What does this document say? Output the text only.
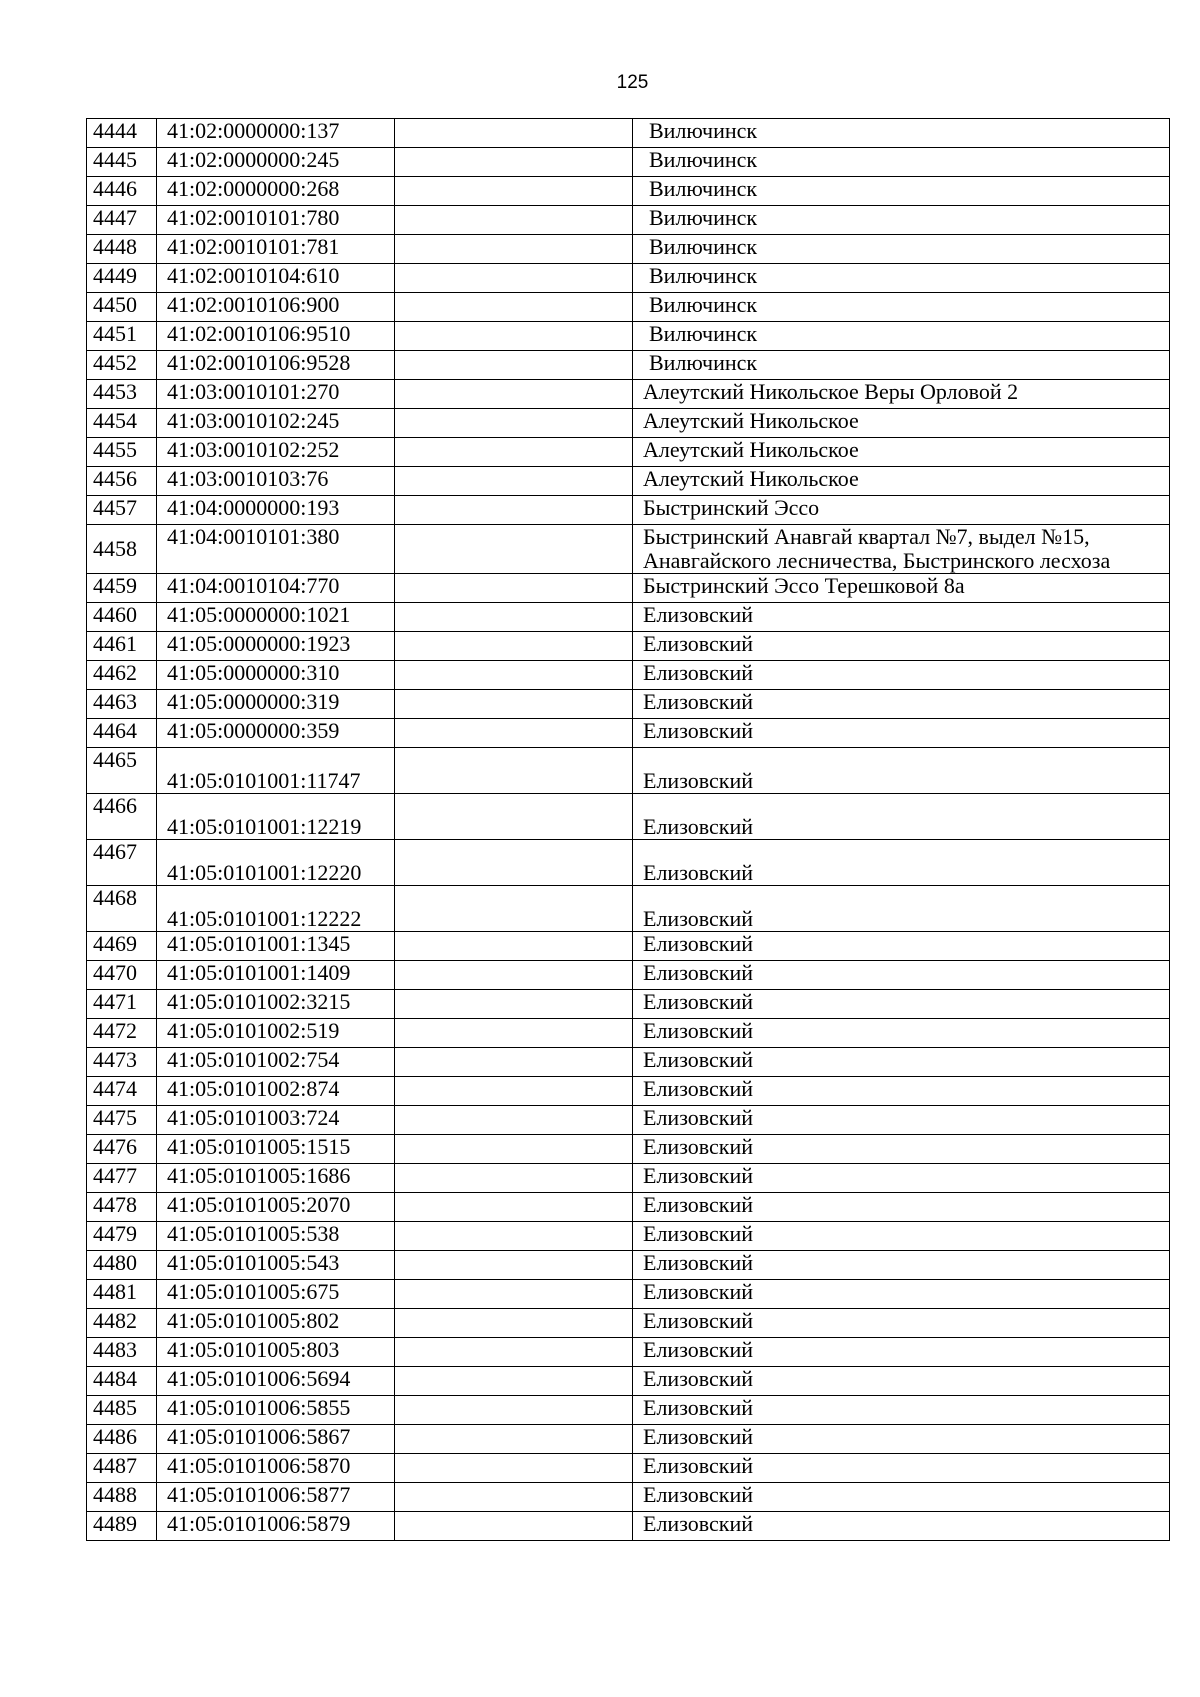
125
4444	41:02:0000000:137		Вилючинск
4445	41:02:0000000:245		Вилючинск
4446	41:02:0000000:268		Вилючинск
4447	41:02:0010101:780		Вилючинск
4448	41:02:0010101:781		Вилючинск
4449	41:02:0010104:610		Вилючинск
4450	41:02:0010106:900		Вилючинск
4451	41:02:0010106:9510		Вилючинск
4452	41:02:0010106:9528		Вилючинск
4453	41:03:0010101:270		Алеутский Никольское Веры Орловой 2
4454	41:03:0010102:245		Алеутский Никольское
4455	41:03:0010102:252		Алеутский Никольское
4456	41:03:0010103:76		Алеутский Никольское
4457	41:04:0000000:193		Быстринский Эссо
4458	41:04:0010101:380		Быстринский Анавгай квартал №7, выдел №15, Анавгайского лесничества, Быстринского лесхоза
4459	41:04:0010104:770		Быстринский Эссо Терешковой 8а
4460	41:05:0000000:1021		Елизовский
4461	41:05:0000000:1923		Елизовский
4462	41:05:0000000:310		Елизовский
4463	41:05:0000000:319		Елизовский
4464	41:05:0000000:359		Елизовский
4465	41:05:0101001:11747		Елизовский
4466	41:05:0101001:12219		Елизовский
4467	41:05:0101001:12220		Елизовский
4468	41:05:0101001:12222		Елизовский
4469	41:05:0101001:1345		Елизовский
4470	41:05:0101001:1409		Елизовский
4471	41:05:0101002:3215		Елизовский
4472	41:05:0101002:519		Елизовский
4473	41:05:0101002:754		Елизовский
4474	41:05:0101002:874		Елизовский
4475	41:05:0101003:724		Елизовский
4476	41:05:0101005:1515		Елизовский
4477	41:05:0101005:1686		Елизовский
4478	41:05:0101005:2070		Елизовский
4479	41:05:0101005:538		Елизовский
4480	41:05:0101005:543		Елизовский
4481	41:05:0101005:675		Елизовский
4482	41:05:0101005:802		Елизовский
4483	41:05:0101005:803		Елизовский
4484	41:05:0101006:5694		Елизовский
4485	41:05:0101006:5855		Елизовский
4486	41:05:0101006:5867		Елизовский
4487	41:05:0101006:5870		Елизовский
4488	41:05:0101006:5877		Елизовский
4489	41:05:0101006:5879		Елизовский
